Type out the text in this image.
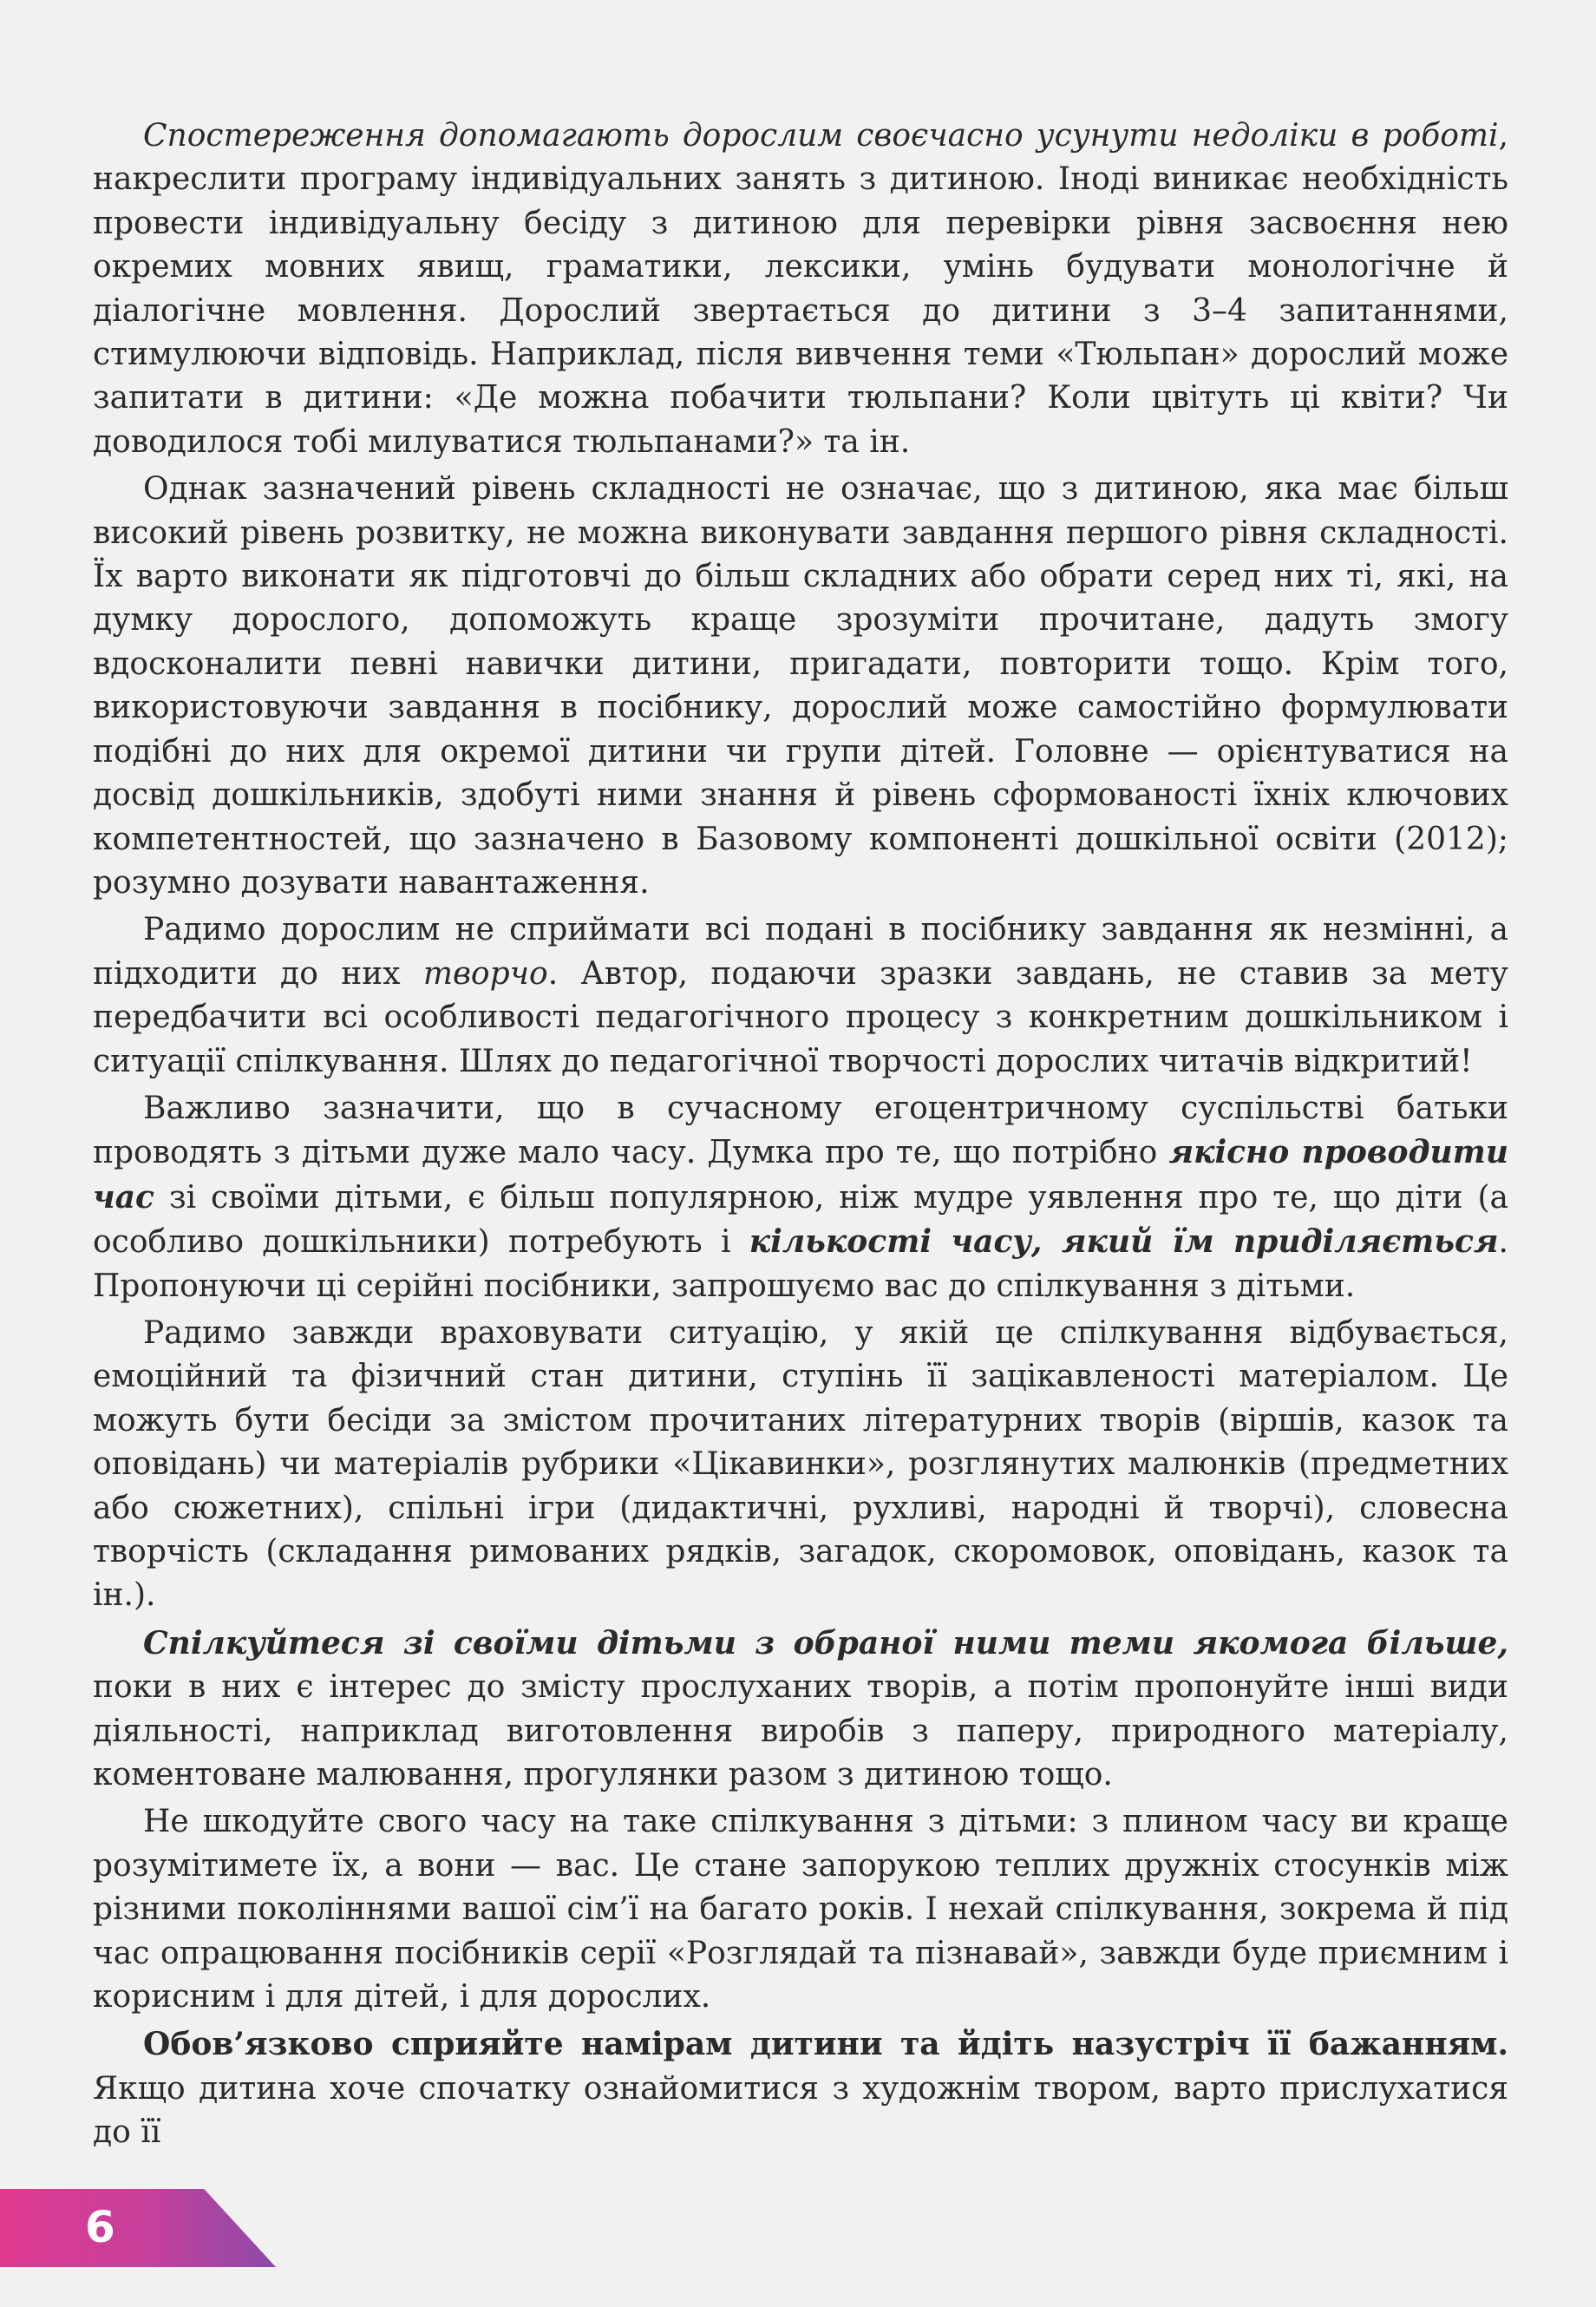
Спостереження допомагають дорослим своєчасно усунути недоліки в роботі, накреслити програму індивідуальних занять з дитиною. Іноді виникає необхідність провести індивідуальну бесіду з дитиною для перевірки рівня засвоєння нею окремих мовних явищ, граматики, лексики, умінь будувати монологічне й діалогічне мовлення. Дорослий звертається до дитини з 3–4 запитаннями, стимулюючи відповідь. Наприклад, після вивчення теми «Тюльпан» дорослий може запитати в дитини: «Де можна побачити тюльпани? Коли цвітуть ці квіти? Чи доводилося тобі милуватися тюльпанами?» та ін.

Однак зазначений рівень складності не означає, що з дитиною, яка має більш високий рівень розвитку, не можна виконувати завдання першого рівня складності. Їх варто виконати як підготовчі до більш складних або обрати серед них ті, які, на думку дорослого, допоможуть краще зрозуміти прочитане, дадуть змогу вдосконалити певні навички дитини, пригадати, повторити тощо. Крім того, використовуючи завдання в посібнику, дорослий може самостійно формулювати подібні до них для окремої дитини чи групи дітей. Головне — орієнтуватися на досвід дошкільників, здобуті ними знання й рівень сформованості їхніх ключових компетентностей, що зазначено в Базовому компоненті дошкільної освіти (2012); розумно дозувати навантаження.

Радимо дорослим не сприймати всі подані в посібнику завдання як незмінні, а підходити до них творчо. Автор, подаючи зразки завдань, не ставив за мету передбачити всі особливості педагогічного процесу з конкретним дошкільником і ситуації спілкування. Шлях до педагогічної творчості дорослих читачів відкритий!

Важливо зазначити, що в сучасному егоцентричному суспільстві батьки проводять з дітьми дуже мало часу. Думка про те, що потрібно якісно проводити час зі своїми дітьми, є більш популярною, ніж мудре уявлення про те, що діти (а особливо дошкільники) потребують і кількості часу, який їм приділяється. Пропонуючи ці серійні посібники, запрошуємо вас до спілкування з дітьми.

Радимо завжди враховувати ситуацію, у якій це спілкування відбувається, емоційний та фізичний стан дитини, ступінь її зацікавленості матеріалом. Це можуть бути бесіди за змістом прочитаних літературних творів (віршів, казок та оповідань) чи матеріалів рубрики «Цікавинки», розглянутих малюнків (предметних або сюжетних), спільні ігри (дидактичні, рухливі, народні й творчі), словесна творчість (складання римованих рядків, загадок, скоромовок, оповідань, казок та ін.).

Спілкуйтеся зі своїми дітьми з обраної ними теми якомога більше, поки в них є інтерес до змісту прослуханих творів, а потім пропонуйте інші види діяльності, наприклад виготовлення виробів з паперу, природного матеріалу, коментоване малювання, прогулянки разом з дитиною тощо.

Не шкодуйте свого часу на таке спілкування з дітьми: з плином часу ви краще розумітимете їх, а вони — вас. Це стане запорукою теплих дружніх стосунків між різними поколіннями вашої сім’ї на багато років. І нехай спілкування, зокрема й під час опрацювання посібників серії «Розглядай та пізнавай», завжди буде приємним і корисним і для дітей, і для дорослих.

Обов’язково сприяйте намірам дитини та йдіть назустріч її бажанням. Якщо дитина хоче спочатку ознайомитися з художнім твором, варто прислухатися до її

6
